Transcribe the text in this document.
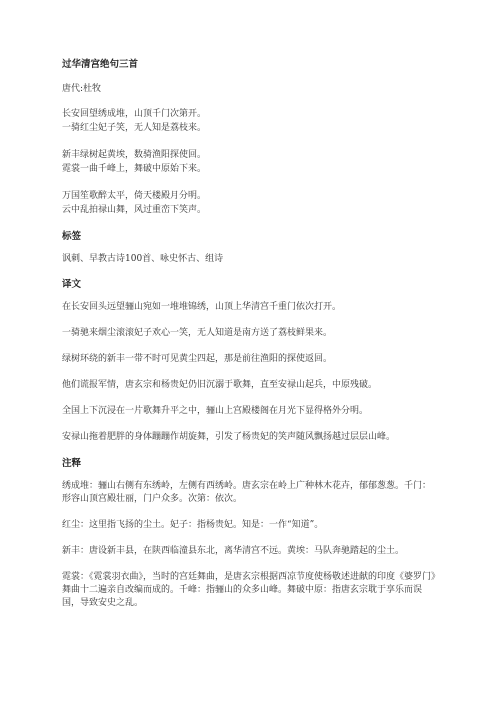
过华清宫绝句三首
唐代:杜牧
长安回望绣成堆，山顶千门次第开。
一骑红尘妃子笑，无人知是荔枝来。
新丰绿树起黄埃，数骑渔阳探使回。
霓裳一曲千峰上，舞破中原始下来。
万国笙歌醉太平，倚天楼殿月分明。
云中乱拍禄山舞，风过重峦下笑声。
标签
讽刺、早教古诗100首、咏史怀古、组诗
译文
在长安回头远望骊山宛如一堆堆锦绣，山顶上华清宫千重门依次打开。
一骑驰来烟尘滚滚妃子欢心一笑，无人知道是南方送了荔枝鲜果来。
绿树环绕的新丰一带不时可见黄尘四起，那是前往渔阳的探使返回。
他们谎报军情，唐玄宗和杨贵妃仍旧沉溺于歌舞，直至安禄山起兵，中原残破。
全国上下沉浸在一片歌舞升平之中，骊山上宫殿楼阁在月光下显得格外分明。
安禄山拖着肥胖的身体蹦蹦作胡旋舞，引发了杨贵妃的笑声随风飘扬越过层层山峰。
注释
绣成堆：骊山右侧有东绣岭，左侧有西绣岭。唐玄宗在岭上广种林木花卉，郁郁葱葱。千门：形容山顶宫殿壮丽，门户众多。次第：依次。
红尘：这里指飞扬的尘土。妃子：指杨贵妃。知是：一作“知道”。
新丰：唐设新丰县，在陕西临潼县东北，离华清宫不远。黄埃：马队奔驰踏起的尘土。
霓裳：《霓裳羽衣曲》，当时的宫廷舞曲，是唐玄宗根据西凉节度使杨敬述进献的印度《婆罗门》舞曲十二遍亲自改编而成的。千峰：指骊山的众多山峰。舞破中原：指唐玄宗耽于享乐而误国，导致安史之乱。
